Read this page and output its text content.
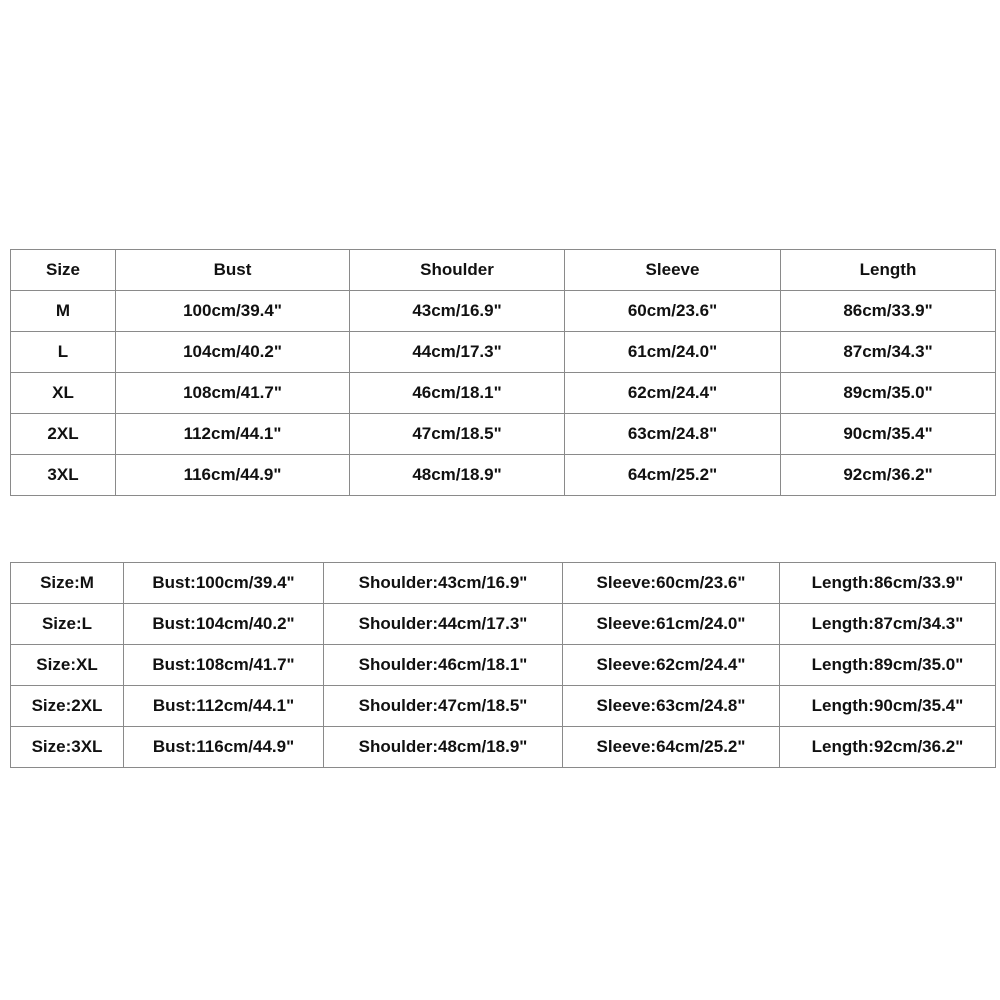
Size	Bust	Shoulder	Sleeve	Length
M	100cm/39.4"	43cm/16.9"	60cm/23.6"	86cm/33.9"
L	104cm/40.2"	44cm/17.3"	61cm/24.0"	87cm/34.3"
XL	108cm/41.7"	46cm/18.1"	62cm/24.4"	89cm/35.0"
2XL	112cm/44.1"	47cm/18.5"	63cm/24.8"	90cm/35.4"
3XL	116cm/44.9"	48cm/18.9"	64cm/25.2"	92cm/36.2"
Size:M	Bust:100cm/39.4"	Shoulder:43cm/16.9"	Sleeve:60cm/23.6"	Length:86cm/33.9"
Size:L	Bust:104cm/40.2"	Shoulder:44cm/17.3"	Sleeve:61cm/24.0"	Length:87cm/34.3"
Size:XL	Bust:108cm/41.7"	Shoulder:46cm/18.1"	Sleeve:62cm/24.4"	Length:89cm/35.0"
Size:2XL	Bust:112cm/44.1"	Shoulder:47cm/18.5"	Sleeve:63cm/24.8"	Length:90cm/35.4"
Size:3XL	Bust:116cm/44.9"	Shoulder:48cm/18.9"	Sleeve:64cm/25.2"	Length:92cm/36.2"
